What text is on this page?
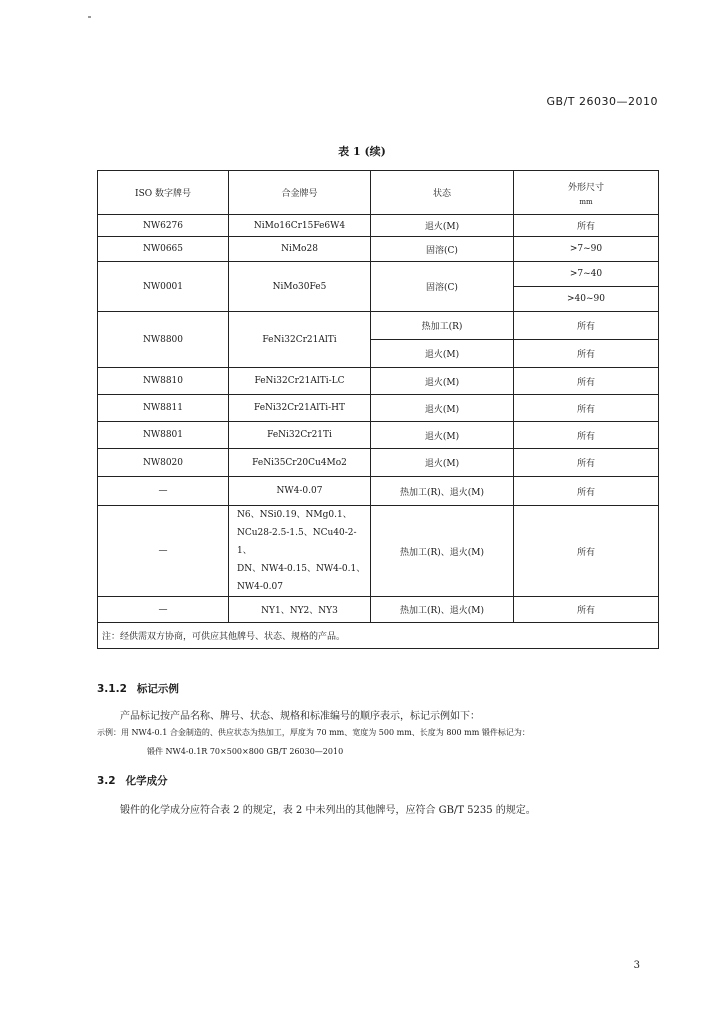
GB/T 26030—2010
表 1 (续)
ISO 数字牌号	合金牌号	状态	外形尺寸
mm

NW6276	NiMo16Cr15Fe6W4	退火(M)	所有
NW0665	NiMo28	固溶(C)	>7~90
NW0001	NiMo30Fe5	固溶(C)	>7~40
			>40~90
NW8800	FeNi32Cr21AlTi	热加工(R)	所有
		退火(M)	所有
NW8810	FeNi32Cr21AlTi-LC	退火(M)	所有
NW8811	FeNi32Cr21AlTi-HT	退火(M)	所有
NW8801	FeNi32Cr21Ti	退火(M)	所有
NW8020	FeNi35Cr20Cu4Mo2	退火(M)	所有
—	NW4-0.07	热加工(R)、退火(M)	所有
—	N6、NSi0.19、NMg0.1、
NCu28-2.5-1.5、NCu40-2-1、
DN、NW4-0.15、NW4-0.1、
NW4-0.07	热加工(R)、退火(M)	所有
—	NY1、NY2、NY3	热加工(R)、退火(M)	所有
注：经供需双方协商，可供应其他牌号、状态、规格的产品。			
3.1.2 标记示例
产品标记按产品名称、牌号、状态、规格和标准编号的顺序表示，标记示例如下：
示例：用 NW4-0.1 合金制造的、供应状态为热加工，厚度为 70 mm、宽度为 500 mm、长度为 800 mm 锻件标记为：
锻件 NW4-0.1R 70×500×800 GB/T 26030—2010
3.2 化学成分
锻件的化学成分应符合表 2 的规定，表 2 中未列出的其他牌号，应符合 GB/T 5235 的规定。
3
